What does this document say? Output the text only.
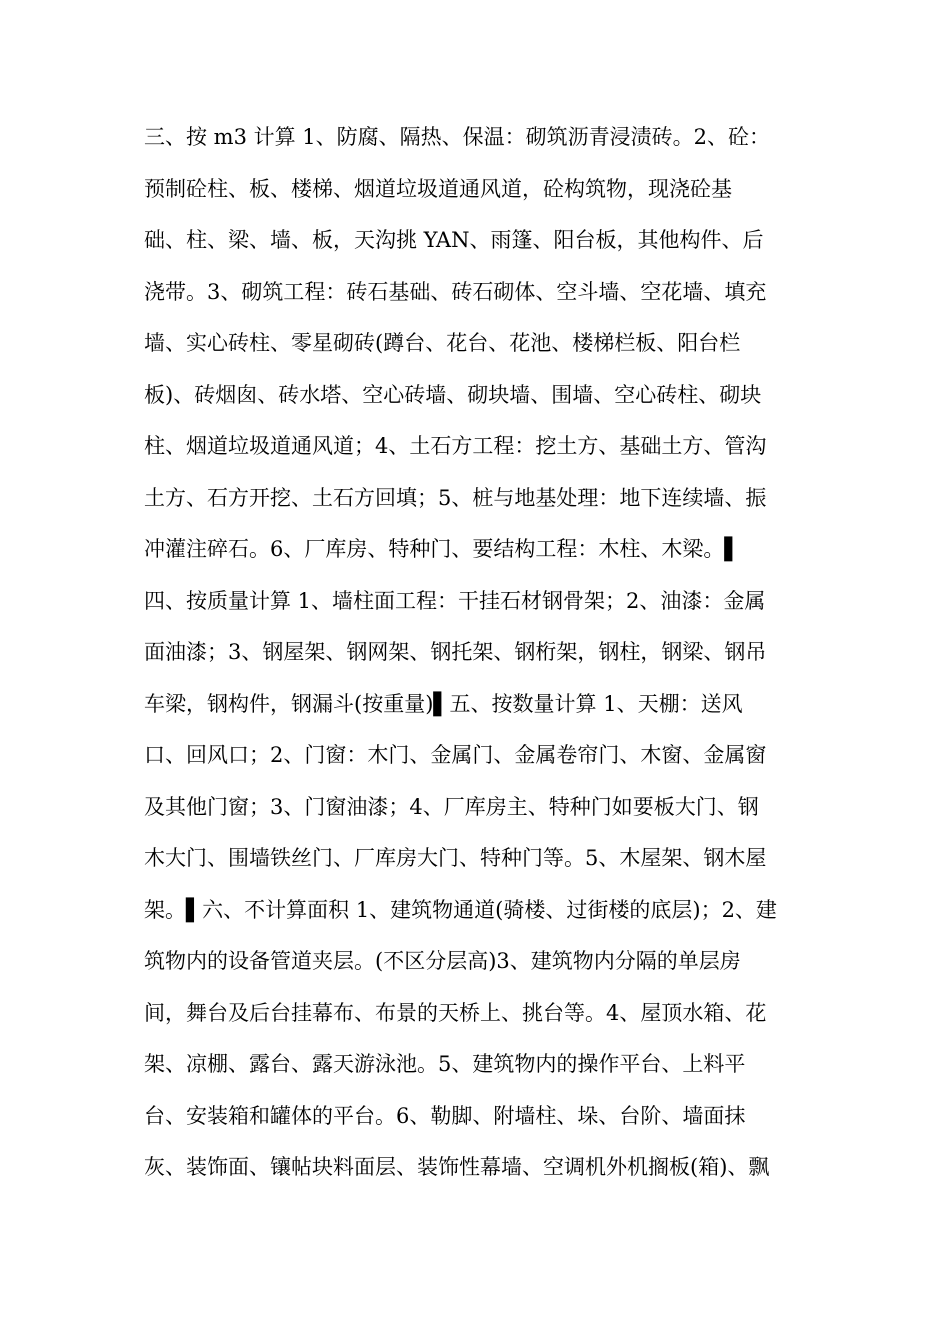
三、按 m3 计算 1、防腐、隔热、保温：砌筑沥青浸渍砖。2、砼：
预制砼柱、板、楼梯、烟道垃圾道通风道，砼构筑物，现浇砼基
础、柱、梁、墙、板，天沟挑 YAN、雨篷、阳台板，其他构件、后
浇带。3、砌筑工程：砖石基础、砖石砌体、空斗墙、空花墙、填充
墙、实心砖柱、零星砌砖(蹲台、花台、花池、楼梯栏板、阳台栏
板)、砖烟囱、砖水塔、空心砖墙、砌块墙、围墙、空心砖柱、砌块
柱、烟道垃圾道通风道；4、土石方工程：挖土方、基础土方、管沟
土方、石方开挖、土石方回填；5、桩与地基处理：地下连续墙、振
冲灌注碎石。6、厂库房、特种门、要结构工程：木柱、木梁。▌
四、按质量计算 1、墙柱面工程：干挂石材钢骨架；2、油漆：金属
面油漆；3、钢屋架、钢网架、钢托架、钢桁架，钢柱，钢梁、钢吊
车梁，钢构件，钢漏斗(按重量)▌五、按数量计算 1、天棚：送风
口、回风口；2、门窗：木门、金属门、金属卷帘门、木窗、金属窗
及其他门窗；3、门窗油漆；4、厂库房主、特种门如要板大门、钢
木大门、围墙铁丝门、厂库房大门、特种门等。5、木屋架、钢木屋
架。▌六、不计算面积 1、建筑物通道(骑楼、过街楼的底层)；2、建
筑物内的设备管道夹层。(不区分层高)3、建筑物内分隔的单层房
间，舞台及后台挂幕布、布景的天桥上、挑台等。4、屋顶水箱、花
架、凉棚、露台、露天游泳池。5、建筑物内的操作平台、上料平
台、安装箱和罐体的平台。6、勒脚、附墙柱、垛、台阶、墙面抹
灰、装饰面、镶帖块料面层、装饰性幕墙、空调机外机搁板(箱)、飘
